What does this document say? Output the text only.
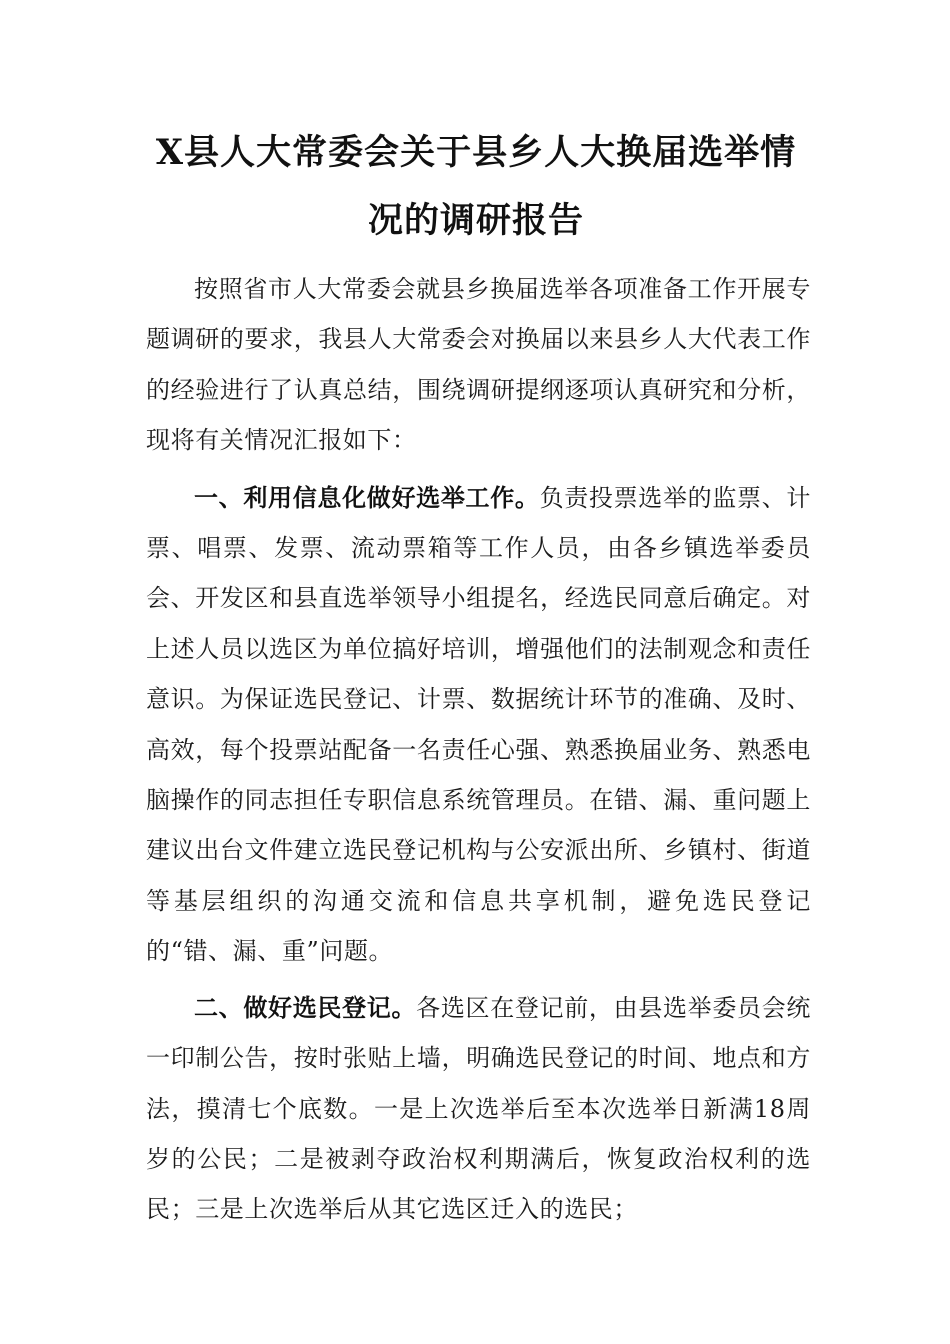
X县人大常委会关于县乡人大换届选举情
况的调研报告

按照省市人大常委会就县乡换届选举各项准备工作开展专题调研的要求，我县人大常委会对换届以来县乡人大代表工作的经验进行了认真总结，围绕调研提纲逐项认真研究和分析，现将有关情况汇报如下：

一、利用信息化做好选举工作。负责投票选举的监票、计票、唱票、发票、流动票箱等工作人员，由各乡镇选举委员会、开发区和县直选举领导小组提名，经选民同意后确定。对上述人员以选区为单位搞好培训，增强他们的法制观念和责任意识。为保证选民登记、计票、数据统计环节的准确、及时、高效，每个投票站配备一名责任心强、熟悉换届业务、熟悉电脑操作的同志担任专职信息系统管理员。在错、漏、重问题上建议出台文件建立选民登记机构与公安派出所、乡镇村、街道等基层组织的沟通交流和信息共享机制，避免选民登记的“错、漏、重”问题。

二、做好选民登记。各选区在登记前，由县选举委员会统一印制公告，按时张贴上墙，明确选民登记的时间、地点和方法，摸清七个底数。一是上次选举后至本次选举日新满18周岁的公民；二是被剥夺政治权利期满后，恢复政治权利的选民；三是上次选举后从其它选区迁入的选民；
